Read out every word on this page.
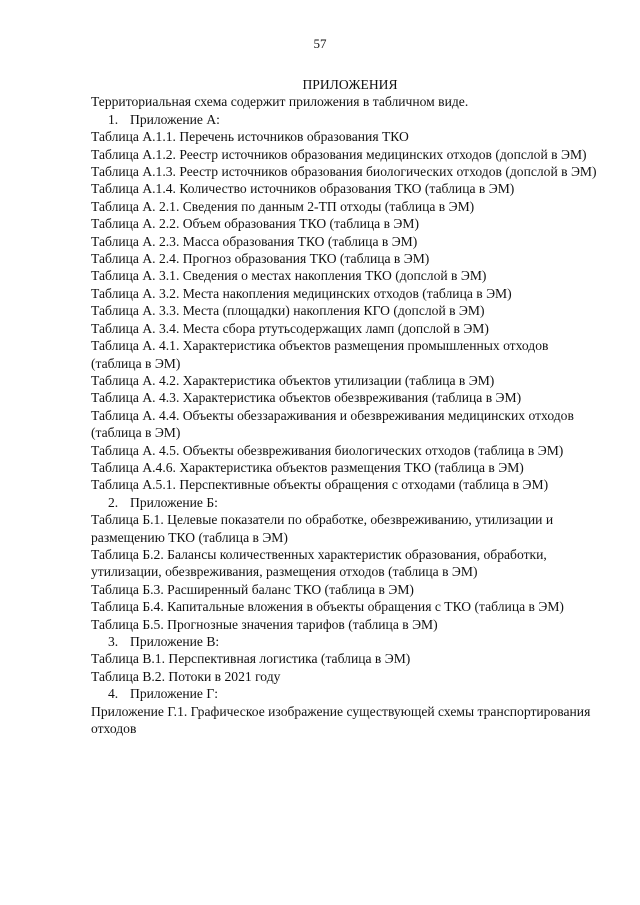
57
ПРИЛОЖЕНИЯ

Территориальная схема содержит приложения в табличном виде.

1. Приложение А:

Таблица А.1.1. Перечень источников образования ТКО

Таблица А.1.2. Реестр источников образования медицинских отходов (допслой в ЭМ)

Таблица А.1.3. Реестр источников образования биологических отходов (допслой в ЭМ)

Таблица А.1.4. Количество источников образования ТКО (таблица в ЭМ)

Таблица А. 2.1. Сведения по данным 2-ТП отходы (таблица в ЭМ)

Таблица А. 2.2. Объем образования ТКО (таблица в ЭМ)

Таблица А. 2.3. Масса образования ТКО (таблица в ЭМ)

Таблица А. 2.4. Прогноз образования ТКО (таблица в ЭМ)

Таблица А. 3.1. Сведения о местах накопления ТКО (допслой в ЭМ)

Таблица А. 3.2. Места накопления медицинских отходов (таблица в ЭМ)

Таблица А. 3.3. Места (площадки) накопления КГО (допслой в ЭМ)

Таблица А. 3.4. Места сбора ртутьсодержащих ламп (допслой в ЭМ)

Таблица А. 4.1. Характеристика объектов размещения промышленных отходов (таблица в ЭМ)

Таблица А. 4.2. Характеристика объектов утилизации (таблица в ЭМ)

Таблица А. 4.3. Характеристика объектов обезвреживания (таблица в ЭМ)

Таблица А. 4.4. Объекты обеззараживания и обезвреживания медицинских отходов (таблица в ЭМ)

Таблица А. 4.5. Объекты обезвреживания биологических отходов (таблица в ЭМ)

Таблица А.4.6. Характеристика объектов размещения ТКО (таблица в ЭМ)

Таблица А.5.1. Перспективные объекты обращения с отходами (таблица в ЭМ)

2. Приложение Б:

Таблица Б.1. Целевые показатели по обработке, обезвреживанию, утилизации и размещению ТКО (таблица в ЭМ)

Таблица Б.2. Балансы количественных характеристик образования, обработки, утилизации, обезвреживания, размещения отходов (таблица в ЭМ)

Таблица Б.3. Расширенный баланс ТКО (таблица в ЭМ)

Таблица Б.4. Капитальные вложения в объекты обращения с ТКО (таблица в ЭМ)

Таблица Б.5. Прогнозные значения тарифов (таблица в ЭМ)

3. Приложение В:

Таблица В.1. Перспективная логистика (таблица в ЭМ)

Таблица В.2. Потоки в 2021 году

4. Приложение Г:

Приложение Г.1. Графическое изображение существующей схемы транспортирования отходов
